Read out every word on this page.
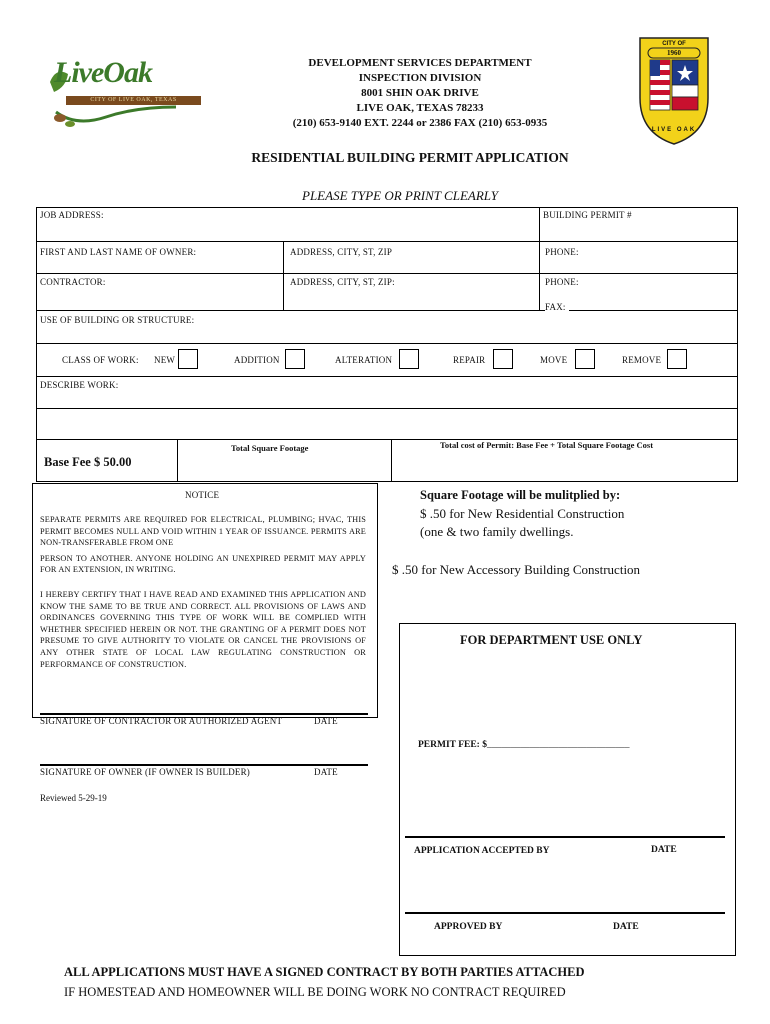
LiveOak
CITY OF LIVE OAK, TEXAS
DEVELOPMENT SERVICES DEPARTMENT
INSPECTION DIVISION
8001 SHIN OAK DRIVE
LIVE OAK, TEXAS 78233
(210) 653-9140 EXT. 2244 or 2386 FAX (210) 653-0935
CITY OF
1960
LIVE OAK
RESIDENTIAL BUILDING PERMIT APPLICATION
PLEASE TYPE OR PRINT CLEARLY
JOB ADDRESS:	BUILDING PERMIT #
FIRST AND LAST NAME OF OWNER:	ADDRESS, CITY, ST, ZIP	PHONE:
CONTRACTOR:	ADDRESS, CITY, ST, ZIP:	PHONE:
FAX:
USE OF BUILDING OR STRUCTURE:
CLASS OF WORK: NEW	ADDITION	ALTERATION	REPAIR	MOVE	REMOVE
DESCRIBE WORK:
Base Fee $ 50.00
Total Square Footage	Total cost of Permit: Base Fee + Total Square Footage Cost
NOTICE

SEPARATE PERMITS ARE REQUIRED FOR ELECTRICAL, PLUMBING; HVAC, THIS PERMIT BECOMES NULL AND VOID WITHIN 1 YEAR OF ISSUANCE. PERMITS ARE NON-TRANSFERABLE FROM ONE

PERSON TO ANOTHER. ANYONE HOLDING AN UNEXPIRED PERMIT MAY APPLY FOR AN EXTENSION, IN WRITING.

I HEREBY CERTIFY THAT I HAVE READ AND EXAMINED THIS APPLICATION AND KNOW THE SAME TO BE TRUE AND CORRECT. ALL PROVISIONS OF LAWS AND ORDINANCES GOVERNING THIS TYPE OF WORK WILL BE COMPLIED WITH WHETHER SPECIFIED HEREIN OR NOT. THE GRANTING OF A PERMIT DOES NOT PRESUME TO GIVE AUTHORITY TO VIOLATE OR CANCEL THE PROVISIONS OF ANY OTHER STATE OF LOCAL LAW REGULATING CONSTRUCTION OR PERFORMANCE OF CONSTRUCTION.

SIGNATURE OF CONTRACTOR OR AUTHORIZED AGENT	DATE
SIGNATURE OF OWNER (IF OWNER IS BUILDER)	DATE
Reviewed 5-29-19
Square Footage will be mulitplied by:
$ .50 for New Residential Construction
(one & two family dwellings.
$ .50 for New Accessory Building Construction
FOR DEPARTMENT USE ONLY
PERMIT FEE: $______________________________
APPLICATION ACCEPTED BY	DATE
APPROVED BY	DATE
ALL APPLICATIONS MUST HAVE A SIGNED CONTRACT BY BOTH PARTIES ATTACHED
IF HOMESTEAD AND HOMEOWNER WILL BE DOING WORK NO CONTRACT REQUIRED
